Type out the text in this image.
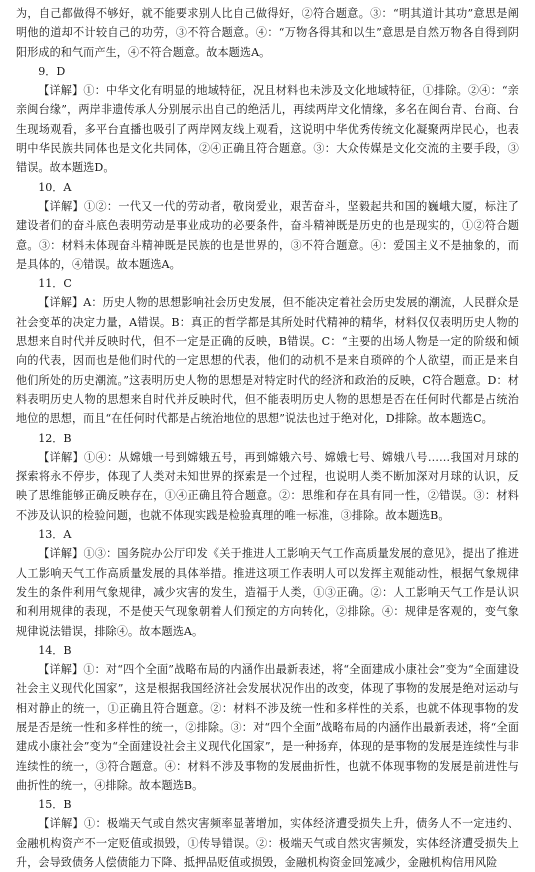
为，自己都做得不够好，就不能要求别人比自己做得好，②符合题意。③：“明其道计其功”意思是阐明他的道却不计较自己的功劳，③不符合题意。④：“万物各得其和以生”意思是自然万物各自得到阴阳形成的和气而产生，④不符合题意。故本题选A。

9．D

【详解】①：中华文化有明显的地域特征，况且材料也未涉及文化地域特征，①排除。②④：“亲亲闽台缘”，两岸非遗传承人分别展示出自己的绝活儿，再续两岸文化情缘，多名在闽台青、台商、台生现场观看，多平台直播也吸引了两岸网友线上观看，这说明中华优秀传统文化凝聚两岸民心，也表明中华民族共同体也是文化共同体，②④正确且符合题意。③：大众传媒是文化交流的主要手段，③错误。故本题选D。

10．A

【详解】①②：一代又一代的劳动者，敬岗爱业，艰苦奋斗，坚毅起共和国的巍峨大厦，标注了建设者们的奋斗底色表明劳动是事业成功的必要条件，奋斗精神既是历史的也是现实的，①②符合题意。③：材料未体现奋斗精神既是民族的也是世界的，③不符合题意。④：爱国主义不是抽象的，而是具体的，④错误。故本题选A。

11．C

【详解】A：历史人物的思想影响社会历史发展，但不能决定着社会历史发展的潮流，人民群众是社会变革的决定力量，A错误。B：真正的哲学都是其所处时代精神的精华，材料仅仅表明历史人物的思想来自时代并反映时代，但不一定是正确的反映，B错误。C：“主要的出场人物是一定的阶级和倾向的代表，因而也是他们时代的一定思想的代表，他们的动机不是来自琐碎的个人欲望，而正是来自他们所处的历史潮流。”这表明历史人物的思想是对特定时代的经济和政治的反映，C符合题意。D：材料表明历史人物的思想来自时代并反映时代，但不能表明历史人物的思想是否在任何时代都是占统治地位的思想，而且“在任何时代都是占统治地位的思想”说法也过于绝对化，D排除。故本题选C。

12．B

【详解】①④：从嫦娥一号到嫦娥五号，再到嫦娥六号、嫦娥七号、嫦娥八号……我国对月球的探索将永不停步，体现了人类对未知世界的探索是一个过程，也说明人类不断加深对月球的认识，反映了思维能够正确反映存在，①④正确且符合题意。②：思维和存在具有同一性，②错误。③：材料不涉及认识的检验问题，也就不体现实践是检验真理的唯一标准，③排除。故本题选B。

13．A

【详解】①③：国务院办公厅印发《关于推进人工影响天气工作高质量发展的意见》，提出了推进人工影响天气工作高质量发展的具体举措。推进这项工作表明人可以发挥主观能动性，根据气象规律发生的条件利用气象规律，减少灾害的发生，造福于人类，①③正确。②：人工影响天气工作是认识和利用规律的表现，不是使天气现象朝着人们预定的方向转化，②排除。④：规律是客观的，变气象规律说法错误，排除④。故本题选A。

14．B

【详解】①：对“四个全面”战略布局的内涵作出最新表述，将“全面建成小康社会”变为“全面建设社会主义现代化国家”，这是根据我国经济社会发展状况作出的改变，体现了事物的发展是绝对运动与相对静止的统一，①正确且符合题意。②：材料不涉及统一性和多样性的关系，也就不体现事物的发展是否是统一性和多样性的统一，②排除。③：对“四个全面”战略布局的内涵作出最新表述，将“全面建成小康社会”变为“全面建设社会主义现代化国家”，是一种扬弃，体现的是事物的发展是连续性与非连续性的统一，③符合题意。④：材料不涉及事物的发展曲折性，也就不体现事物的发展是前进性与曲折性的统一，④排除。故本题选B。

15．B

【详解】①：极端天气或自然灾害频率显著增加，实体经济遭受损失上升，债务人不一定违约、金融机构资产不一定贬值或损毁，①传导错误。②：极端天气或自然灾害频发，实体经济遭受损失上升，会导致债务人偿债能力下降、抵押品贬值或损毁，金融机构资金回笼减少，金融机构信用风险
